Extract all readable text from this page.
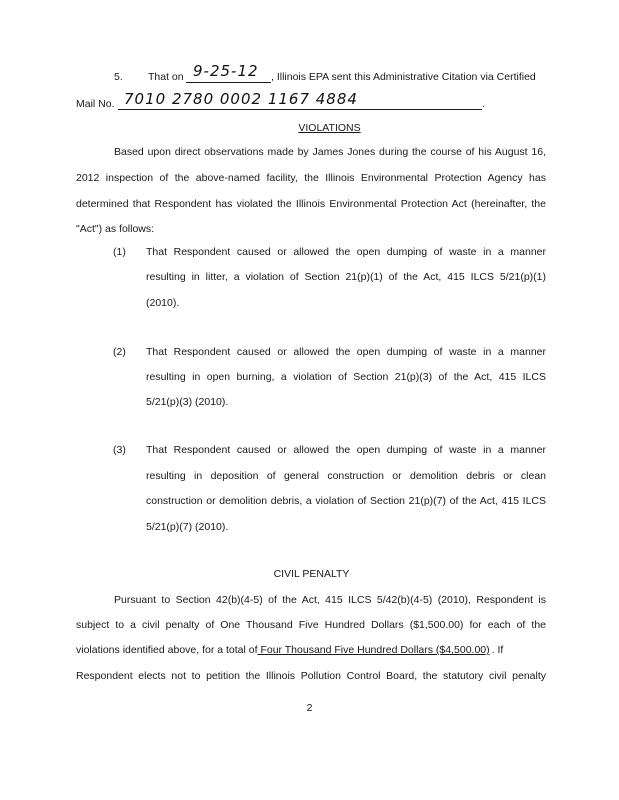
5. That on 9-25-12 , Illinois EPA sent this Administrative Citation via Certified
Mail No. 7010 2780 0002 1167 4884	.
VIOLATIONS
Based upon direct observations made by James Jones during the course of his August 16,
2012 inspection of the above-named facility, the Illinois Environmental Protection Agency has
determined that Respondent has violated the Illinois Environmental Protection Act (hereinafter, the
"Act") as follows:
(1) That Respondent caused or allowed the open dumping of waste in a manner
resulting in litter, a violation of Section 21(p)(1) of the Act, 415 ILCS 5/21(p)(1)
(2010).
(2) That Respondent caused or allowed the open dumping of waste in a manner
resulting in open burning, a violation of Section 21(p)(3) of the Act, 415 ILCS
5/21(p)(3) (2010).
(3) That Respondent caused or allowed the open dumping of waste in a manner
resulting in deposition of general construction or demolition debris or clean
construction or demolition debris, a violation of Section 21(p)(7) of the Act, 415 ILCS
5/21(p)(7) (2010).
CIVIL PENALTY
Pursuant to Section 42(b)(4-5) of the Act, 415 ILCS 5/42(b)(4-5) (2010), Respondent is
subject to a civil penalty of One Thousand Five Hundred Dollars ($1,500.00) for each of the
violations identified above, for a total of Four Thousand Five Hundred Dollars ($4,500.00) . If
Respondent elects not to petition the Illinois Pollution Control Board, the statutory civil penalty
2
